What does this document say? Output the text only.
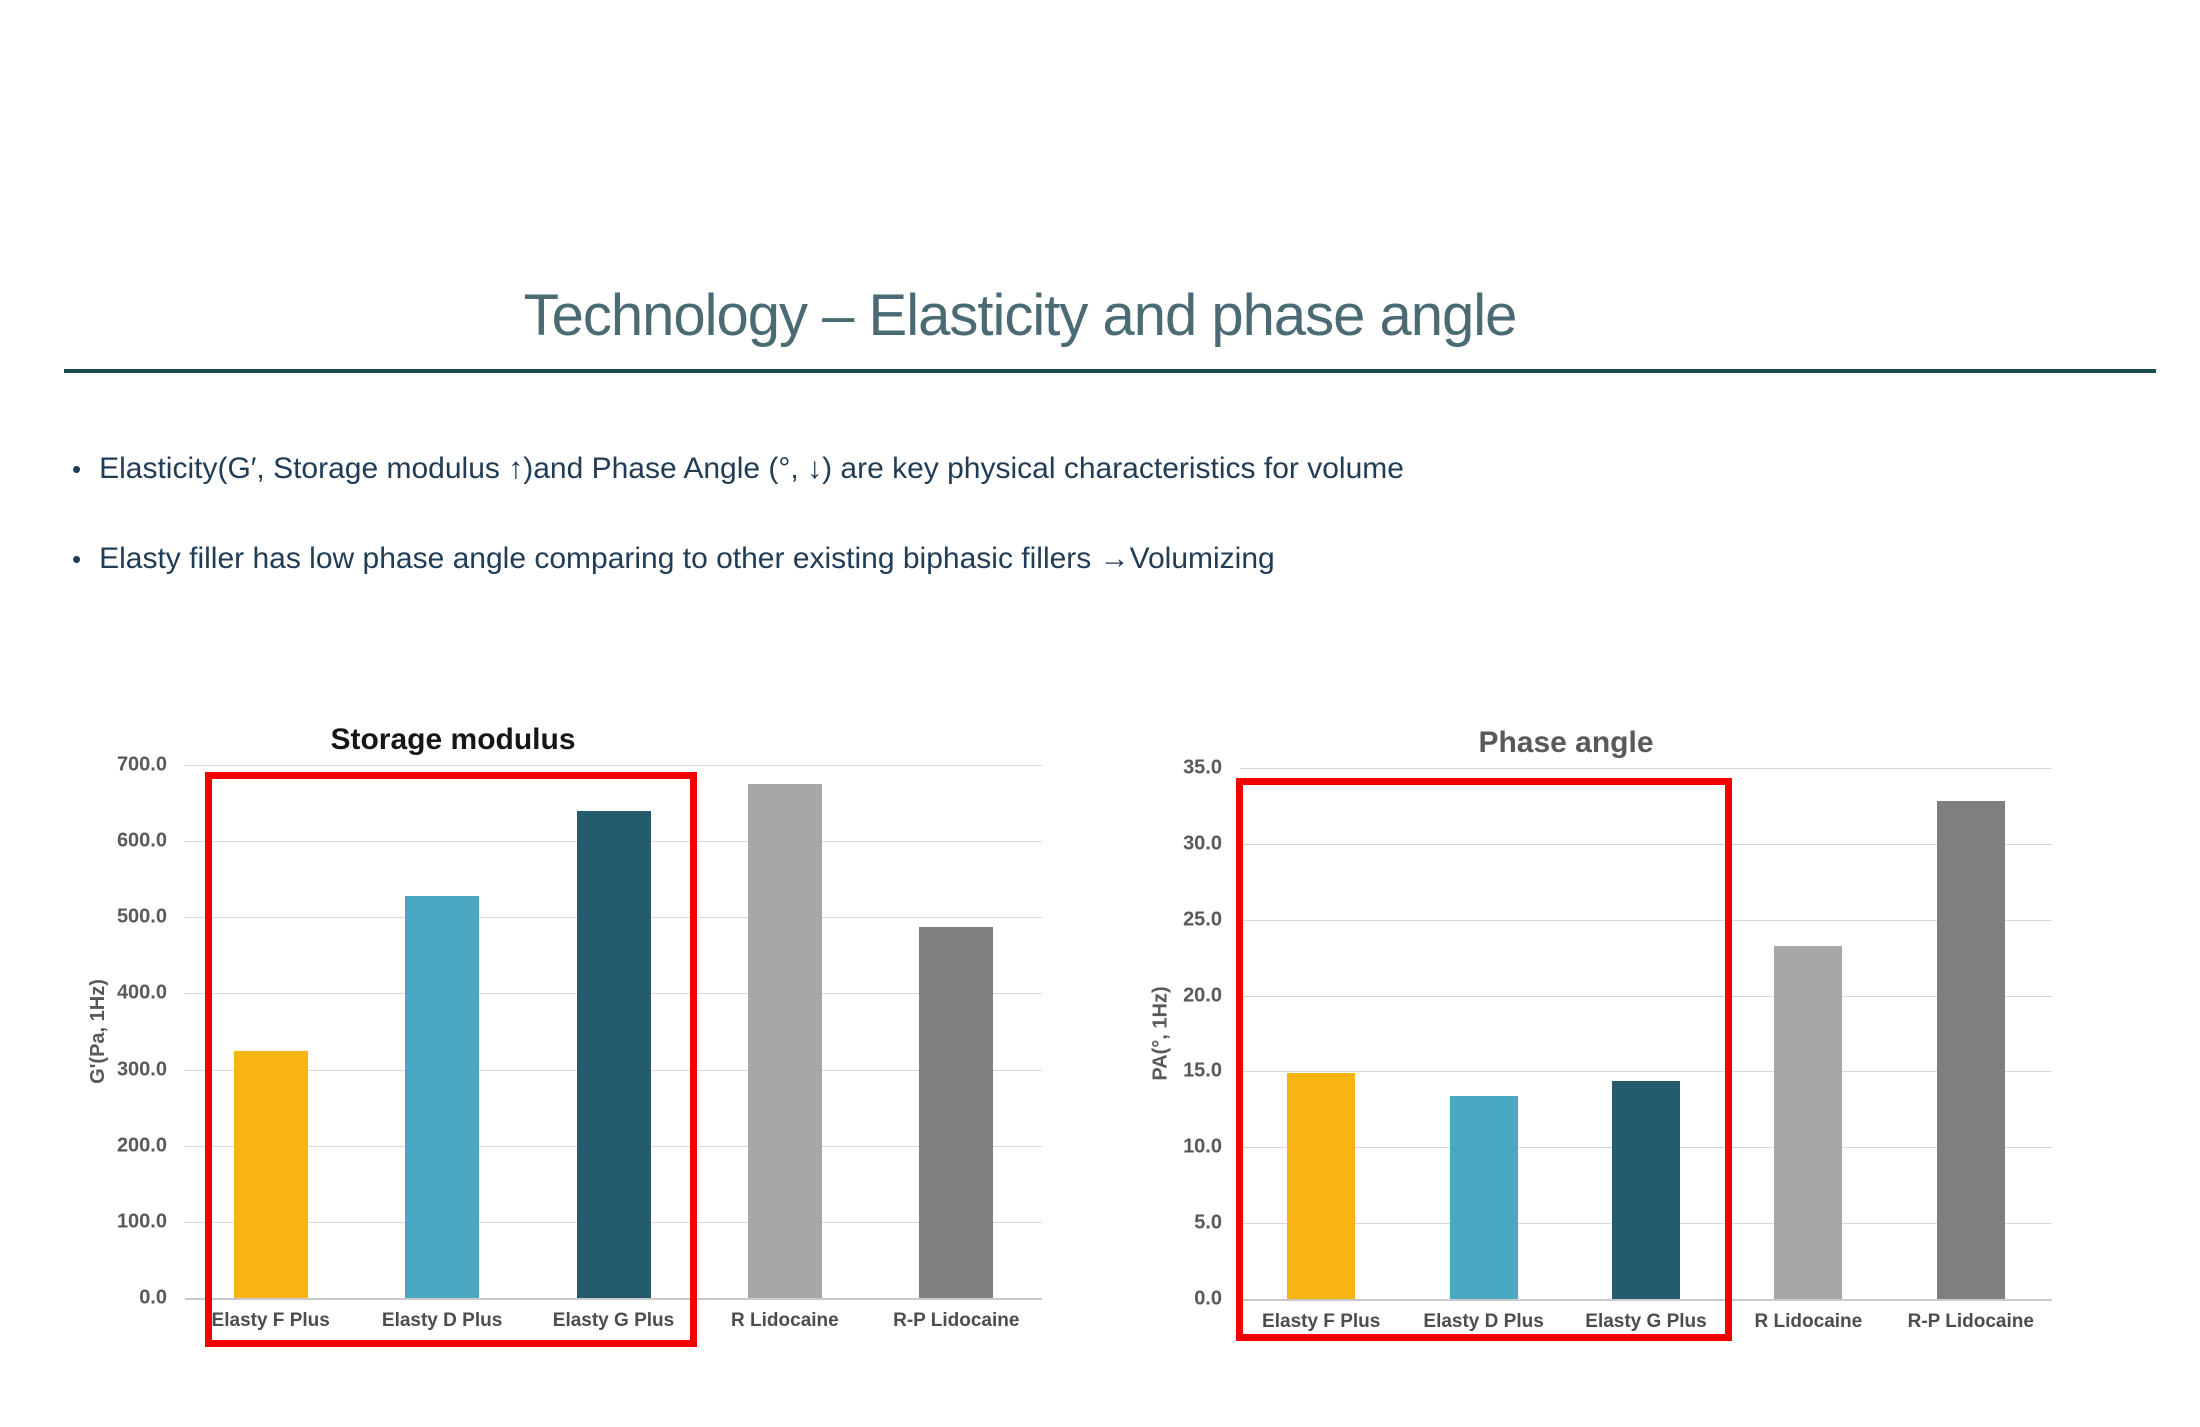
Technology – Elasticity and phase angle
• Elasticity(G′, Storage modulus ↑)and Phase Angle (°, ↓) are key physical characteristics for volume
• Elasty filler has low phase angle comparing to other existing biphasic fillers →Volumizing
Storage modulus
G'(Pa, 1Hz)
0.0
100.0
200.0
300.0
400.0
500.0
600.0
700.0
Elasty F Plus	Elasty D Plus	Elasty G Plus	R Lidocaine	R-P Lidocaine
Phase angle
PA(°, 1Hz)
0.0
5.0
10.0
15.0
20.0
25.0
30.0
35.0
Elasty F Plus	Elasty D Plus	Elasty G Plus	R Lidocaine	R-P Lidocaine
